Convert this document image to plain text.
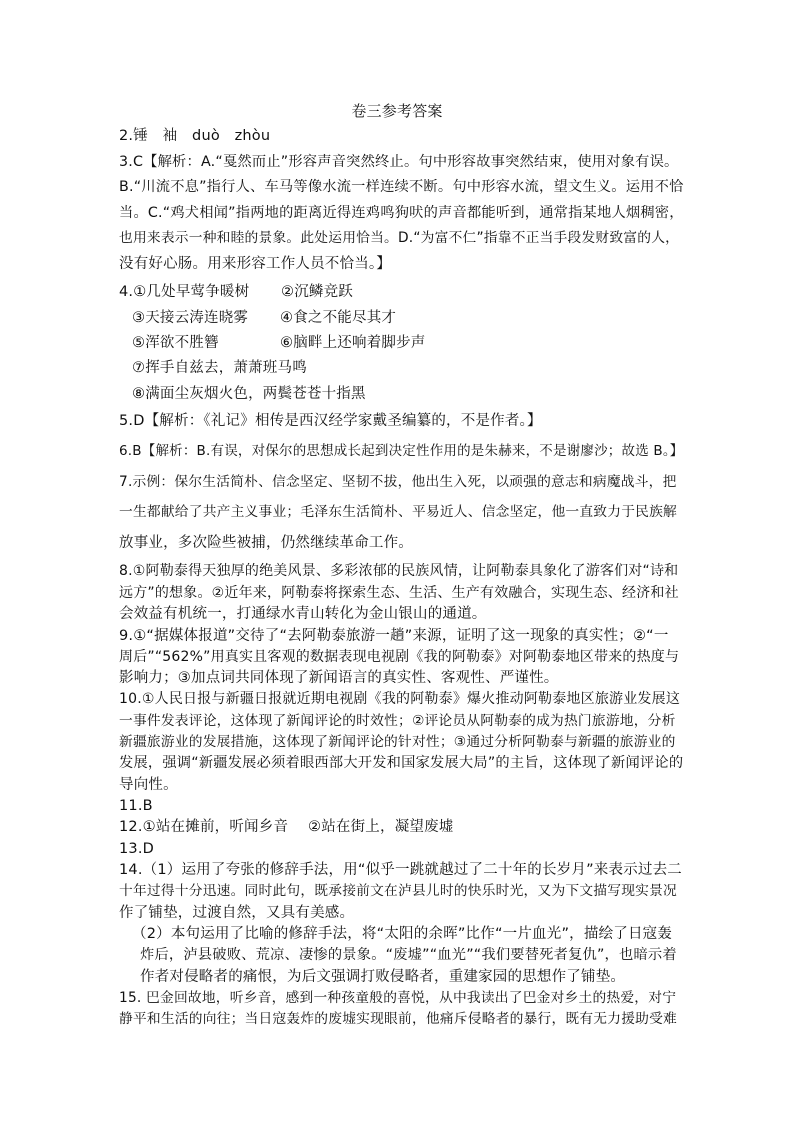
卷三参考答案
2.锤　袖　duò　zhòu
3.C【解析：A.“戛然而止”形容声音突然终止。句中形容故事突然结束，使用对象有误。
B.“川流不息”指行人、车马等像水流一样连续不断。句中形容水流，望文生义。运用不恰
当。C.“鸡犬相闻”指两地的距离近得连鸡鸣狗吠的声音都能听到，通常指某地人烟稠密，
也用来表示一种和睦的景象。此处运用恰当。D.“为富不仁”指靠不正当手段发财致富的人，
没有好心肠。用来形容工作人员不恰当。】
4.①几处早莺争暖树 ②沉鳞竞跃
③天接云涛连晓雾 ④食之不能尽其才
⑤浑欲不胜簪	⑥脑畔上还响着脚步声
⑦挥手自兹去，萧萧班马鸣
⑧满面尘灰烟火色，两鬓苍苍十指黑
5.D【解析：《礼记》相传是西汉经学家戴圣编纂的，不是作者。】
6.B【解析：B.有误，对保尔的思想成长起到决定性作用的是朱赫来，不是谢廖沙；故选 B。】
7.示例：保尔生活简朴、信念坚定、坚韧不拔，他出生入死，以顽强的意志和病魔战斗，把
一生都献给了共产主义事业；毛泽东生活简朴、平易近人、信念坚定，他一直致力于民族解
放事业，多次险些被捕，仍然继续革命工作。
8.①阿勒泰得天独厚的绝美风景、多彩浓郁的民族风情，让阿勒泰具象化了游客们对“诗和
远方”的想象。②近年来，阿勒泰将探索生态、生活、生产有效融合，实现生态、经济和社
会效益有机统一，打通绿水青山转化为金山银山的通道。
9.①“据媒体报道”交待了“去阿勒泰旅游一趟”来源，证明了这一现象的真实性；②“一
周后”“562%”用真实且客观的数据表现电视剧《我的阿勒泰》对阿勒泰地区带来的热度与
影响力；③加点词共同体现了新闻语言的真实性、客观性、严谨性。
10.①人民日报与新疆日报就近期电视剧《我的阿勒泰》爆火推动阿勒泰地区旅游业发展这
一事件发表评论，这体现了新闻评论的时效性；②评论员从阿勒泰的成为热门旅游地，分析
新疆旅游业的发展措施，这体现了新闻评论的针对性；③通过分析阿勒泰与新疆的旅游业的
发展，强调“新疆发展必须着眼西部大开发和国家发展大局”的主旨，这体现了新闻评论的
导向性。
11.B
12.①站在摊前，听闻乡音 ②站在街上，凝望废墟
13.D
14.（1）运用了夸张的修辞手法，用“似乎一跳就越过了二十年的长岁月”来表示过去二
十年过得十分迅速。同时此句，既承接前文在泸县儿时的快乐时光，又为下文描写现实景况
作了铺垫，过渡自然，又具有美感。
（2）本句运用了比喻的修辞手法，将“太阳的余晖”比作“一片血光”，描绘了日寇轰
炸后，泸县破败、荒凉、凄惨的景象。“废墟”“血光”“我们要替死者复仇”，也暗示着
作者对侵略者的痛恨，为后文强调打败侵略者，重建家园的思想作了铺垫。
15. 巴金回故地，听乡音，感到一种孩童般的喜悦，从中我读出了巴金对乡土的热爱，对宁
静平和生活的向往；当日寇轰炸的废墟实现眼前，他痛斥侵略者的暴行，既有无力援助受难
